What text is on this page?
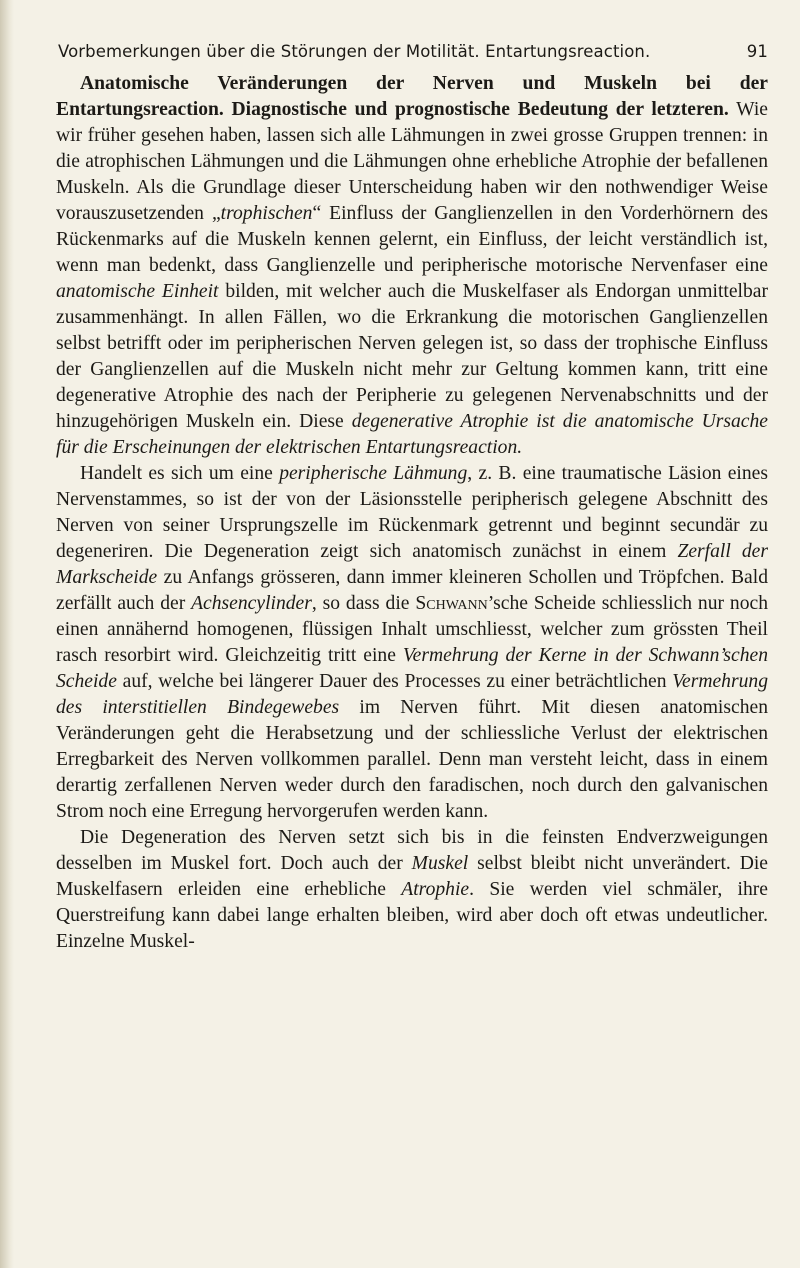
Vorbemerkungen über die Störungen der Motilität. Entartungsreaction.	91

Anatomische Veränderungen der Nerven und Muskeln bei der Entartungsreaction. Diagnostische und prognostische Bedeutung der letzteren. Wie wir früher gesehen haben, lassen sich alle Lähmungen in zwei grosse Gruppen trennen: in die atrophischen Lähmungen und die Lähmungen ohne erhebliche Atrophie der befallenen Muskeln. Als die Grundlage dieser Unterscheidung haben wir den nothwendiger Weise vorauszusetzenden „trophischen“ Einfluss der Ganglienzellen in den Vorderhörnern des Rückenmarks auf die Muskeln kennen gelernt, ein Einfluss, der leicht verständlich ist, wenn man bedenkt, dass Ganglienzelle und peripherische motorische Nervenfaser eine anatomische Einheit bilden, mit welcher auch die Muskelfaser als Endorgan unmittelbar zusammenhängt. In allen Fällen, wo die Erkrankung die motorischen Ganglienzellen selbst betrifft oder im peripherischen Nerven gelegen ist, so dass der trophische Einfluss der Ganglienzellen auf die Muskeln nicht mehr zur Geltung kommen kann, tritt eine degenerative Atrophie des nach der Peripherie zu gelegenen Nervenabschnitts und der hinzugehörigen Muskeln ein. Diese degenerative Atrophie ist die anatomische Ursache für die Erscheinungen der elektrischen Entartungsreaction.

Handelt es sich um eine peripherische Lähmung, z. B. eine traumatische Läsion eines Nervenstammes, so ist der von der Läsionsstelle peripherisch gelegene Abschnitt des Nerven von seiner Ursprungszelle im Rückenmark getrennt und beginnt secundär zu degeneriren. Die Degeneration zeigt sich anatomisch zunächst in einem Zerfall der Markscheide zu Anfangs grösseren, dann immer kleineren Schollen und Tröpfchen. Bald zerfällt auch der Achsencylinder, so dass die Schwann’sche Scheide schliesslich nur noch einen annähernd homogenen, flüssigen Inhalt umschliesst, welcher zum grössten Theil rasch resorbirt wird. Gleichzeitig tritt eine Vermehrung der Kerne in der Schwann’schen Scheide auf, welche bei längerer Dauer des Processes zu einer beträchtlichen Vermehrung des interstitiellen Bindegewebes im Nerven führt. Mit diesen anatomischen Veränderungen geht die Herabsetzung und der schliessliche Verlust der elektrischen Erregbarkeit des Nerven vollkommen parallel. Denn man versteht leicht, dass in einem derartig zerfallenen Nerven weder durch den faradischen, noch durch den galvanischen Strom noch eine Erregung hervorgerufen werden kann.

Die Degeneration des Nerven setzt sich bis in die feinsten Endverzweigungen desselben im Muskel fort. Doch auch der Muskel selbst bleibt nicht unverändert. Die Muskelfasern erleiden eine erhebliche Atrophie. Sie werden viel schmäler, ihre Querstreifung kann dabei lange erhalten bleiben, wird aber doch oft etwas undeutlicher. Einzelne Muskel-
